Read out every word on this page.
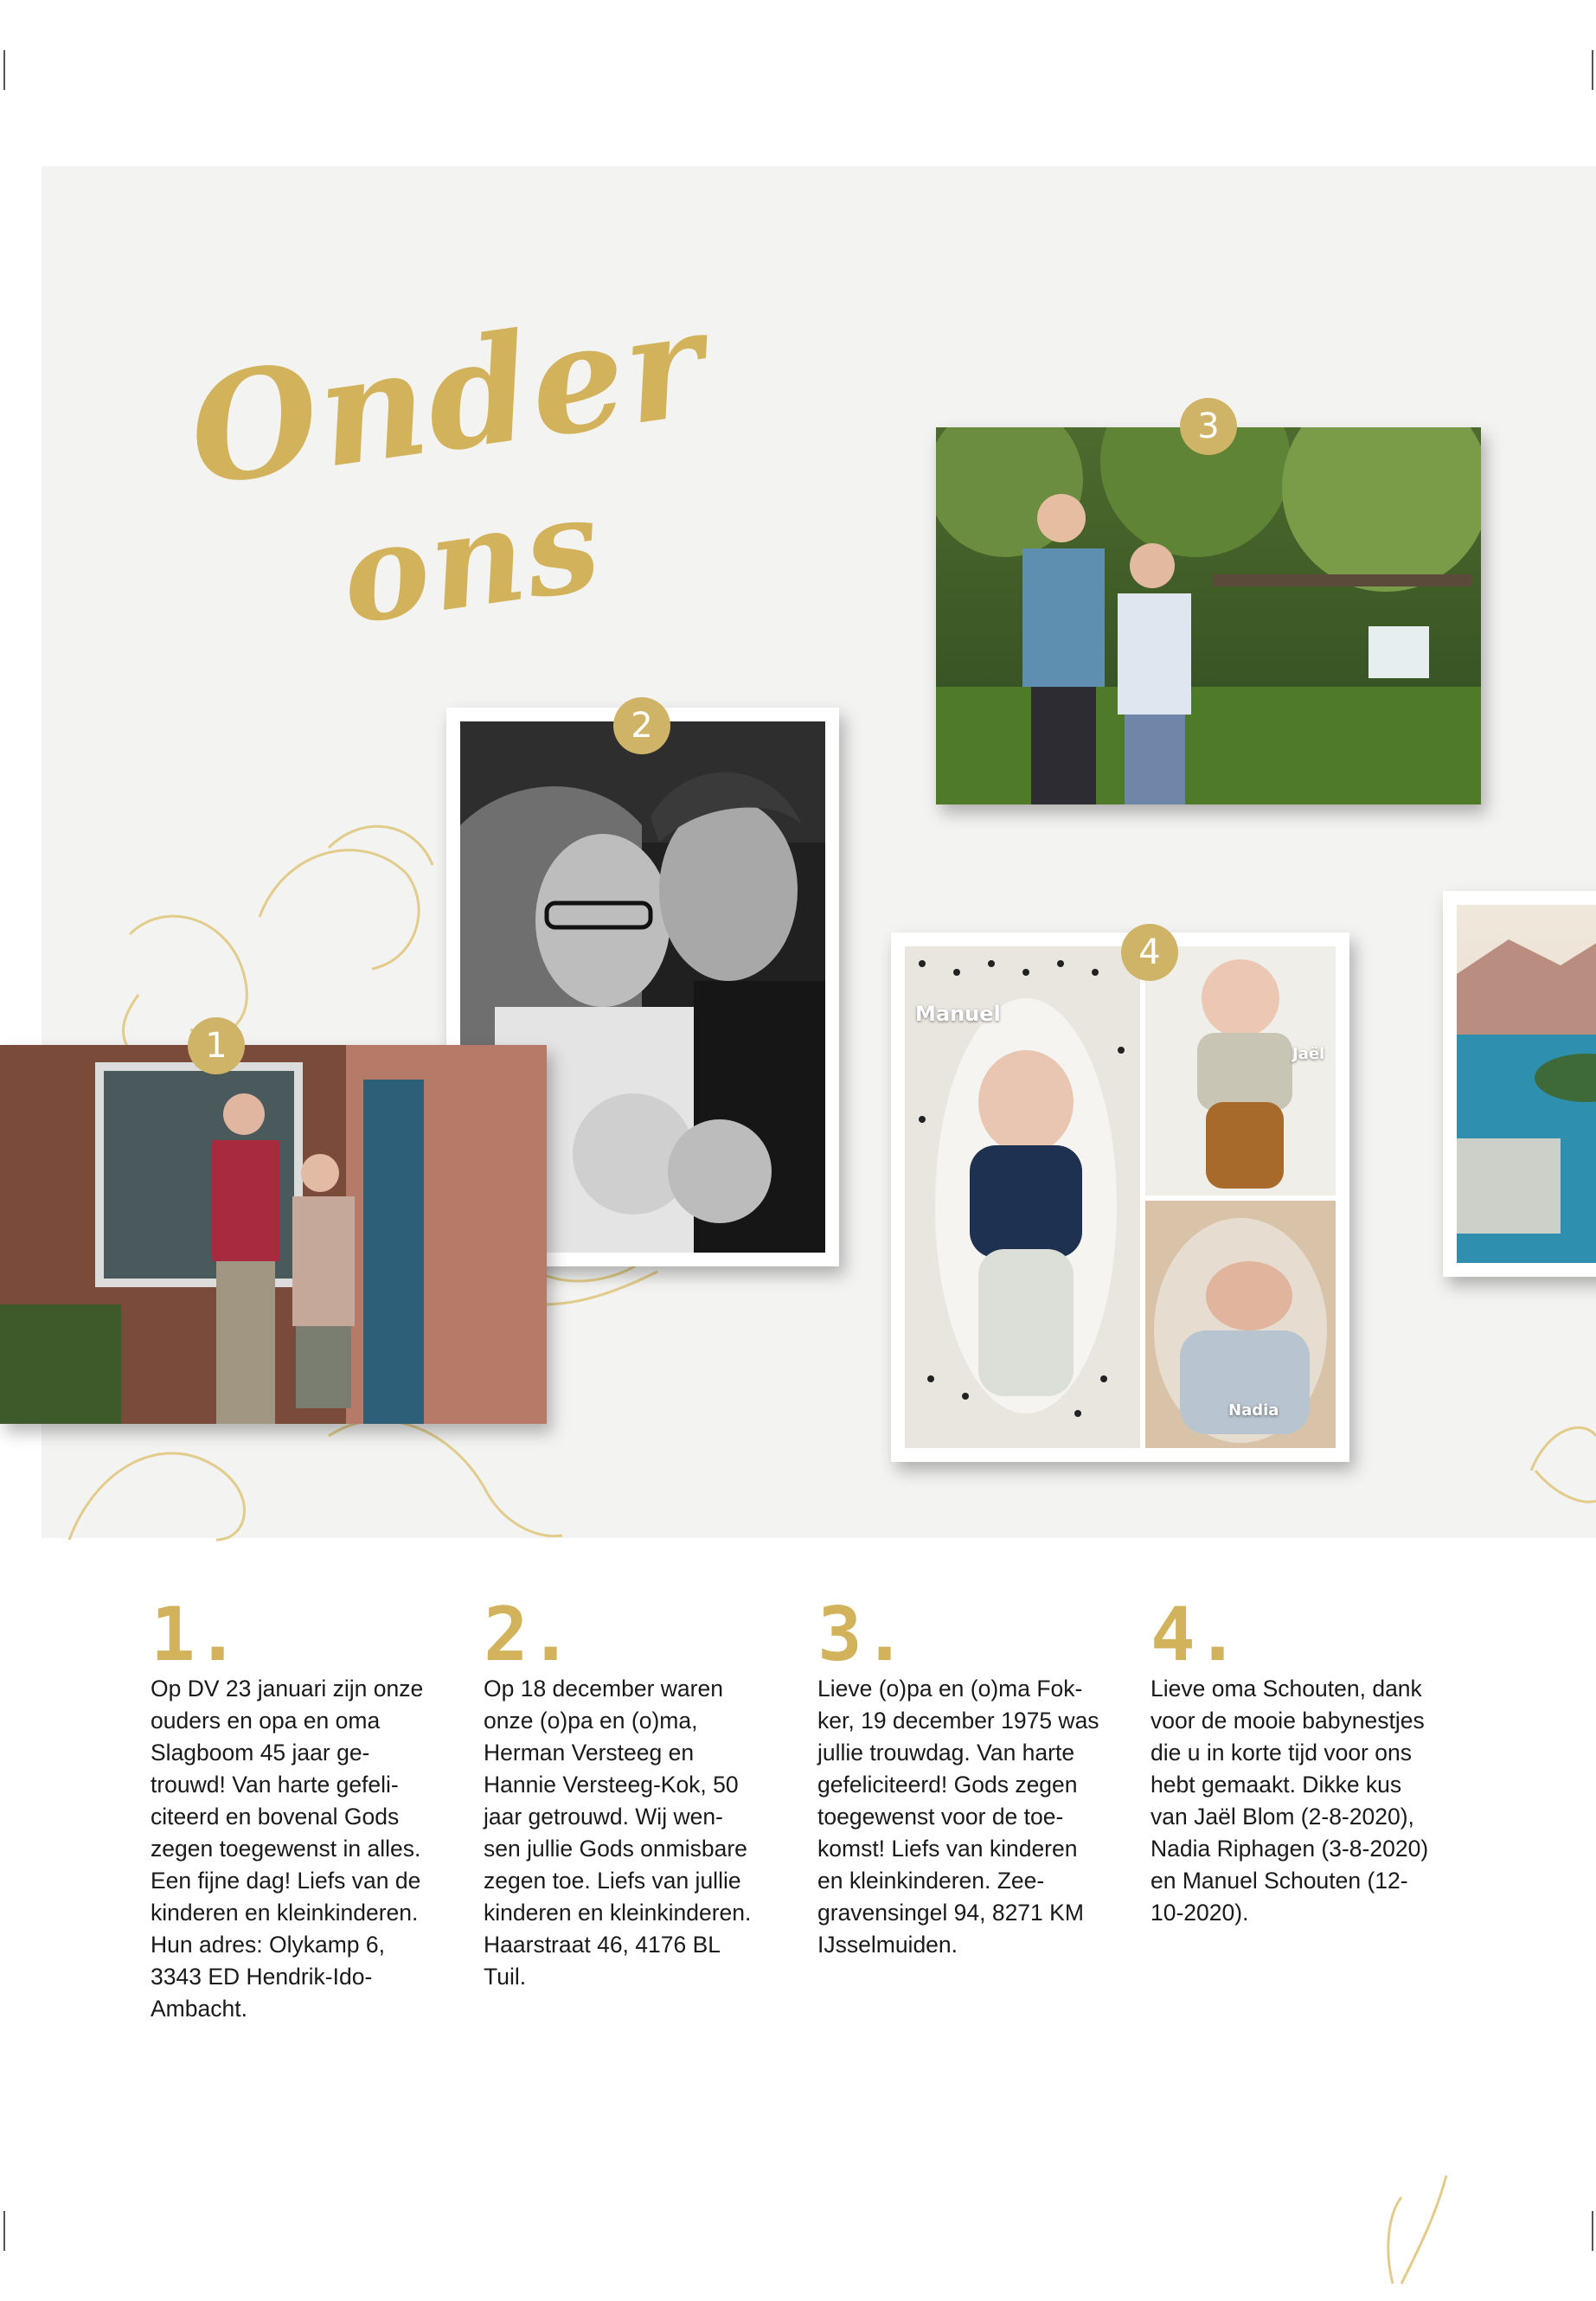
Onder
ons
3
2
1
Manuel
Jaël
Nadia
4
1.
Op DV 23 januari zijn onze
ouders en opa en oma
Slagboom 45 jaar ge-
trouwd! Van harte gefeli-
citeerd en bovenal Gods
zegen toegewenst in alles.
Een fijne dag! Liefs van de
kinderen en kleinkinderen.
Hun adres: Olykamp 6,
3343 ED Hendrik-Ido-
Ambacht.
2.
Op 18 december waren
onze (o)pa en (o)ma,
Herman Versteeg en
Hannie Versteeg-Kok, 50
jaar getrouwd. Wij wen-
sen jullie Gods onmisbare
zegen toe. Liefs van jullie
kinderen en kleinkinderen.
Haarstraat 46, 4176 BL
Tuil.
3.
Lieve (o)pa en (o)ma Fok-
ker, 19 december 1975 was
jullie trouwdag. Van harte
gefeliciteerd! Gods zegen
toegewenst voor de toe-
komst! Liefs van kinderen
en kleinkinderen. Zee-
gravensingel 94, 8271 KM
IJsselmuiden.
4.
Lieve oma Schouten, dank
voor de mooie babynestjes
die u in korte tijd voor ons
hebt gemaakt. Dikke kus
van Jaël Blom (2-8-2020),
Nadia Riphagen (3-8-2020)
en Manuel Schouten (12-
10-2020).
